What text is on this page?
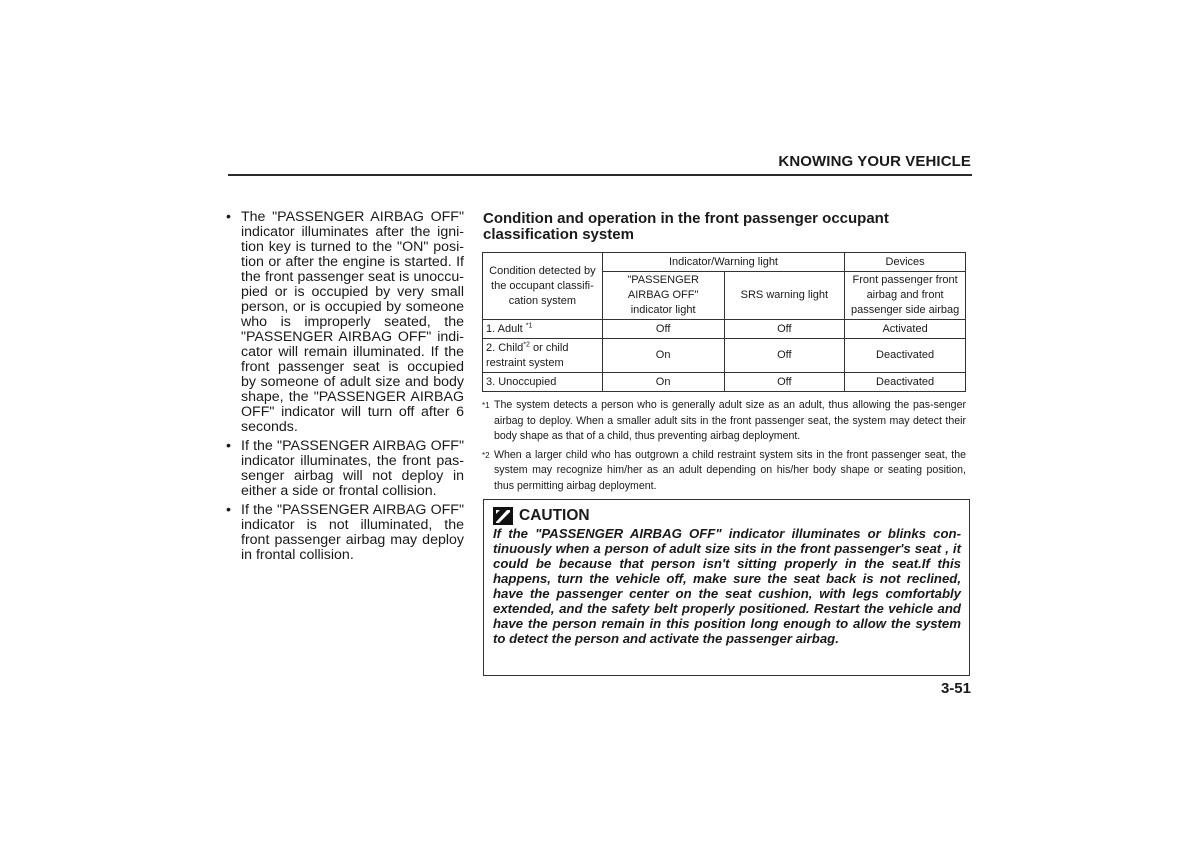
KNOWING YOUR VEHICLE
• The "PASSENGER AIRBAG OFF" indicator illuminates after the igni-tion key is turned to the "ON" posi-tion or after the engine is started. If the front passenger seat is unoccu-pied or is occupied by very small person, or is occupied by someone who is improperly seated, the "PASSENGER AIRBAG OFF" indi-cator will remain illuminated. If the front passenger seat is occupied by someone of adult size and body shape, the "PASSENGER AIRBAG OFF" indicator will turn off after 6 seconds.
• If the "PASSENGER AIRBAG OFF" indicator illuminates, the front pas-senger airbag will not deploy in either a side or frontal collision.
• If the "PASSENGER AIRBAG OFF" indicator is not illuminated, the front passenger airbag may deploy in frontal collision.
Condition and operation in the front passenger occupant classification system
Condition detected by the occupant classifi-cation system	Indicator/Warning light		Devices
	"PASSENGER AIRBAG OFF" indicator light	SRS warning light	Front passenger front airbag and front passenger side airbag
1. Adult $^{*1}$	Off	Off	Activated
2. Child$^{*2}$ or child restraint system	On	Off	Deactivated
3. Unoccupied	On	Off	Deactivated
*1 The system detects a person who is generally adult size as an adult, thus allowing the pas-senger airbag to deploy. When a smaller adult sits in the front passenger seat, the system may detect their body shape as that of a child, thus preventing airbag deployment.
*2 When a larger child who has outgrown a child restraint system sits in the front passenger seat, the system may recognize him/her as an adult depending on his/her body shape or seating position, thus permitting airbag deployment.
CAUTION
If the "PASSENGER AIRBAG OFF" indicator illuminates or blinks con-tinuously when a person of adult size sits in the front passenger's seat , it could be because that person isn't sitting properly in the seat.If this happens, turn the vehicle off, make sure the seat back is not reclined, have the passenger center on the seat cushion, with legs comfortably extended, and the safety belt properly positioned. Restart the vehicle and have the person remain in this position long enough to allow the system to detect the person and activate the passenger airbag.
3-51
